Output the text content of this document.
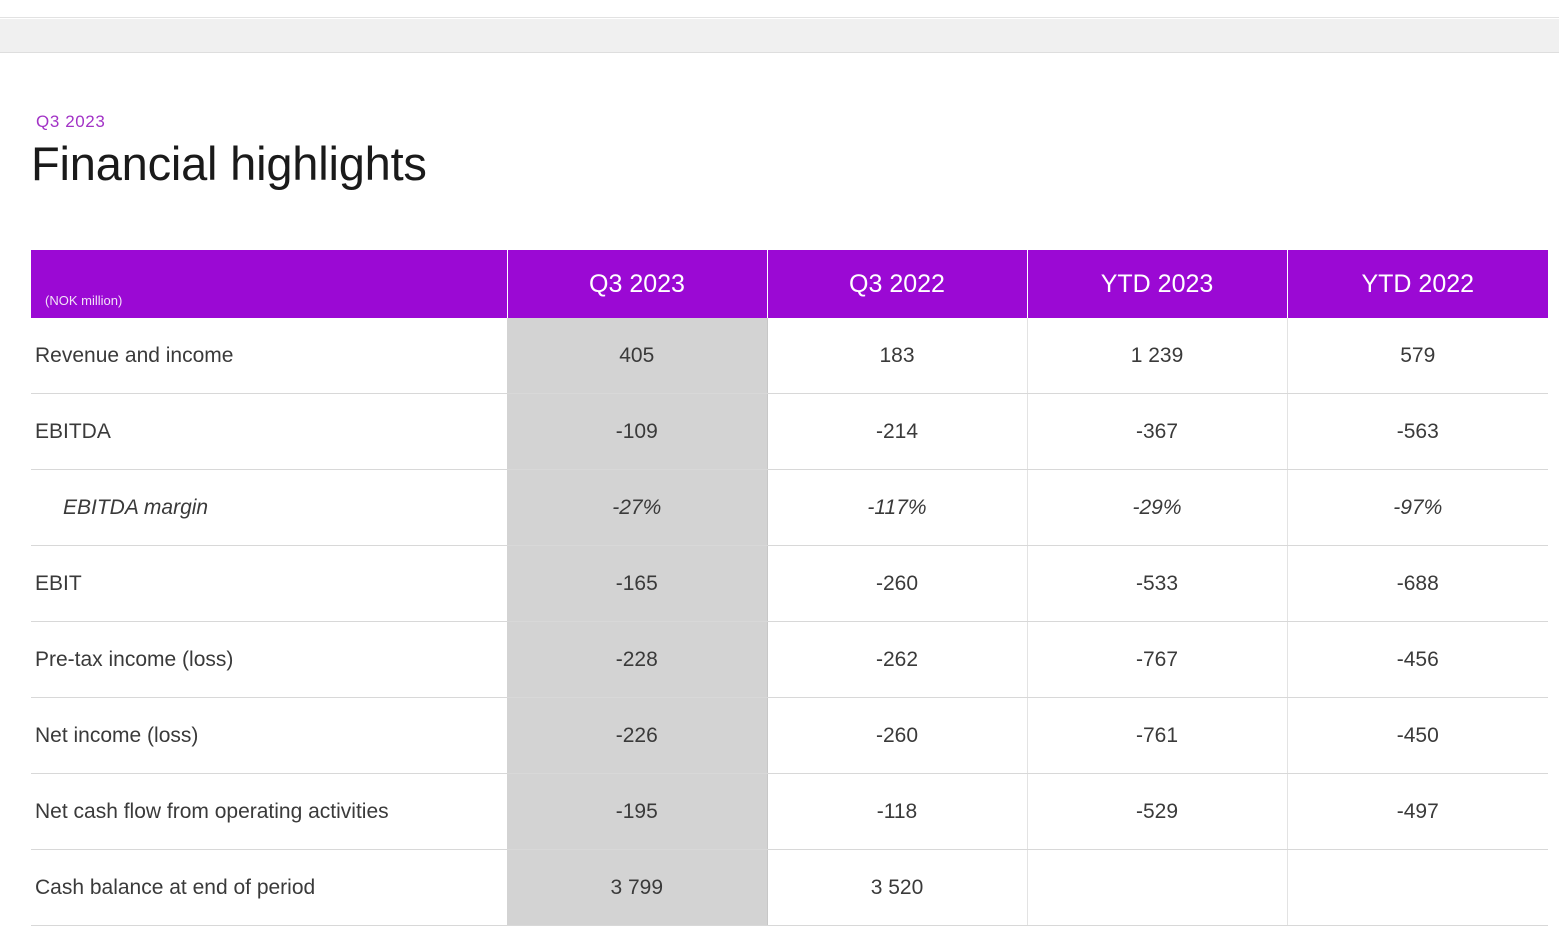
Q3 2023
Financial highlights
(NOK million)	Q3 2023	Q3 2022	YTD 2023	YTD 2022
Revenue and income	405	183	1 239	579
EBITDA	-109	-214	-367	-563
EBITDA margin	-27%	-117%	-29%	-97%
EBIT	-165	-260	-533	-688
Pre-tax income (loss)	-228	-262	-767	-456
Net income (loss)	-226	-260	-761	-450
Net cash flow from operating activities	-195	-118	-529	-497
Cash balance at end of period	3 799	3 520		
